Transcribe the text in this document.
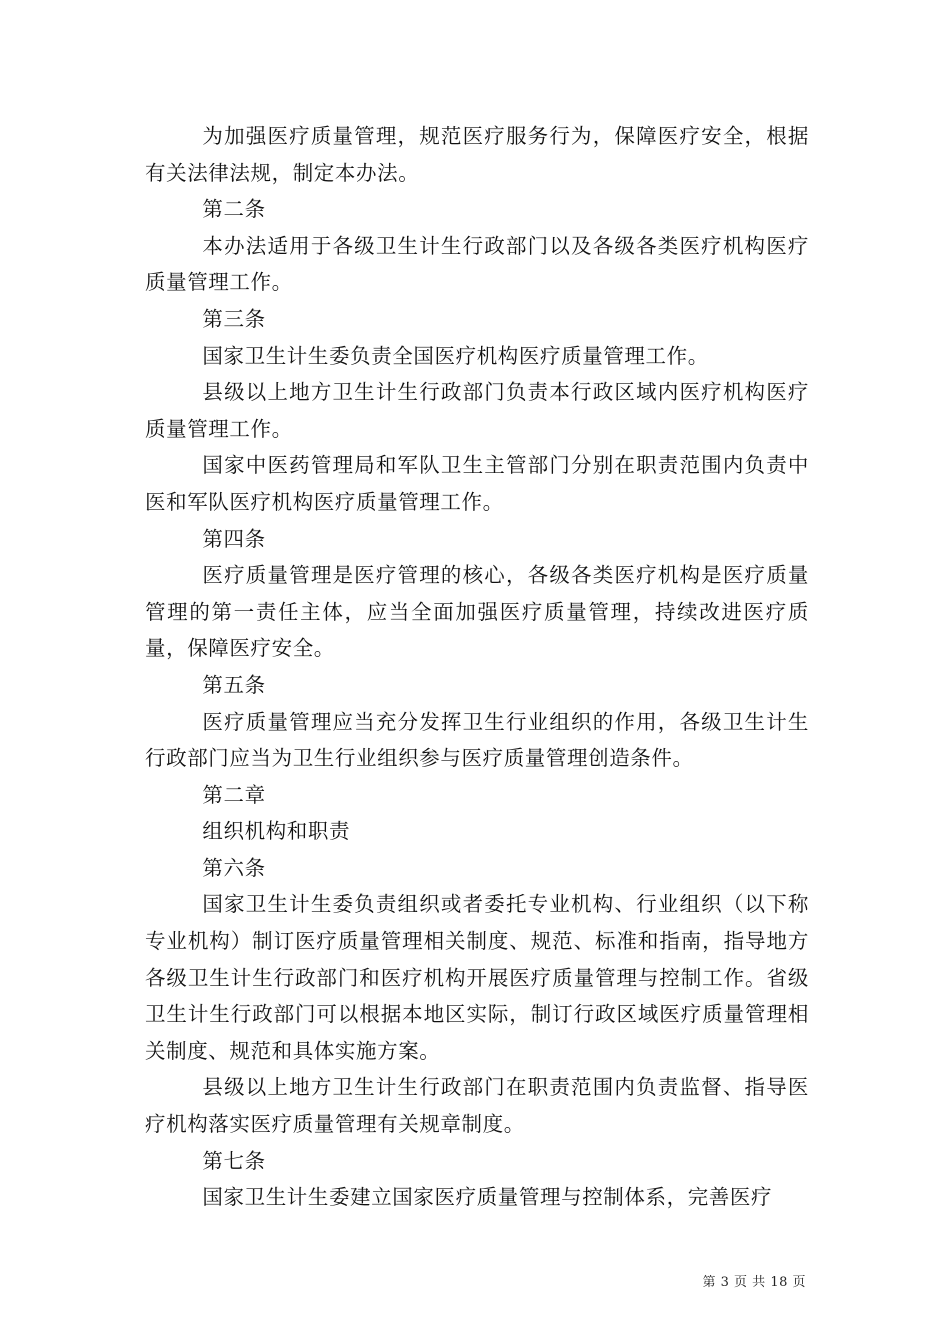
为加强医疗质量管理，规范医疗服务行为，保障医疗安全，根据有关法律法规，制定本办法。

第二条

本办法适用于各级卫生计生行政部门以及各级各类医疗机构医疗质量管理工作。

第三条

国家卫生计生委负责全国医疗机构医疗质量管理工作。

县级以上地方卫生计生行政部门负责本行政区域内医疗机构医疗质量管理工作。

国家中医药管理局和军队卫生主管部门分别在职责范围内负责中医和军队医疗机构医疗质量管理工作。

第四条

医疗质量管理是医疗管理的核心，各级各类医疗机构是医疗质量管理的第一责任主体，应当全面加强医疗质量管理，持续改进医疗质量，保障医疗安全。

第五条

医疗质量管理应当充分发挥卫生行业组织的作用，各级卫生计生行政部门应当为卫生行业组织参与医疗质量管理创造条件。

第二章

组织机构和职责

第六条

国家卫生计生委负责组织或者委托专业机构、行业组织（以下称专业机构）制订医疗质量管理相关制度、规范、标准和指南，指导地方各级卫生计生行政部门和医疗机构开展医疗质量管理与控制工作。省级卫生计生行政部门可以根据本地区实际，制订行政区域医疗质量管理相关制度、规范和具体实施方案。

县级以上地方卫生计生行政部门在职责范围内负责监督、指导医疗机构落实医疗质量管理有关规章制度。

第七条

国家卫生计生委建立国家医疗质量管理与控制体系，完善医疗

第 3 页 共 18 页
